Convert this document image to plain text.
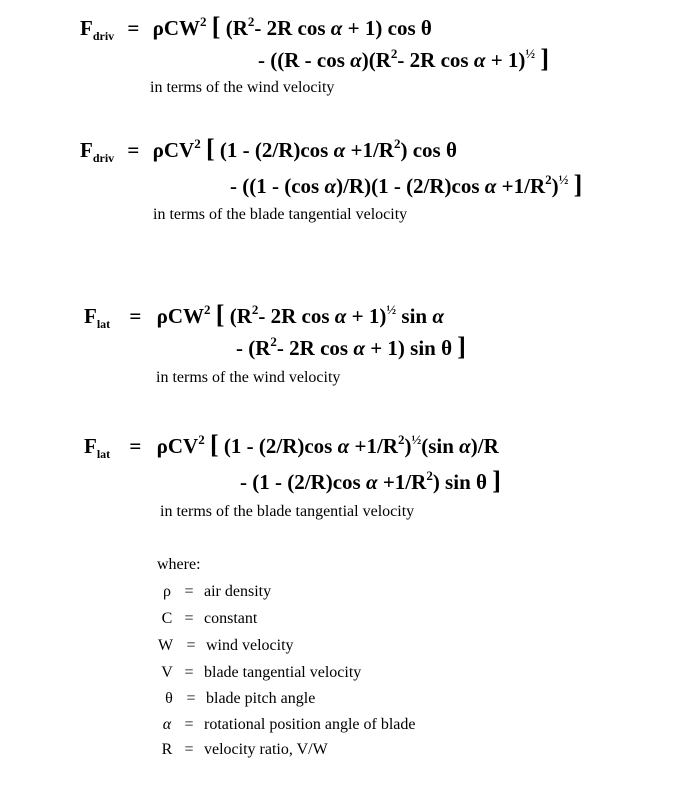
$F_{driv} = \rho CW^2$ [ ($R^2-$ 2R cos α + 1) cos θ
- ($(R - \cos \alpha)(R^2-$ 2R cos α + 1)$^{\frac{1}{2}}$ ]
in terms of the wind velocity
$F_{driv} = \rho CV^2$ [ (1 - (2/R)cos $\alpha +1/R^2$) cos θ
- ((1 - (cos α)/R)(1 - (2/R)cos $\alpha +1/R^2)^{\frac{1}{2}}$ ]
in terms of the blade tangential velocity
$F_{lat} = \rho CW^2$ [ ($R^2-$ 2R cos α + 1)$^{\frac{1}{2}}$ sin α
- ($R^2-$ 2R cos α + 1) sin θ ]
in terms of the wind velocity
$F_{lat} = \rho CV^2$ [ (1 - (2/R)cos $\alpha +1/R^2)^{\frac{1}{2}}(\sin$ α)/R
- (1 - (2/R)cos $\alpha +1/R^2$) sin θ ]
in terms of the blade tangential velocity
where:
ρ = air density
C = constant
W = wind velocity
V = blade tangential velocity
θ = blade pitch angle
α = rotational position angle of blade
R = velocity ratio, V/W
